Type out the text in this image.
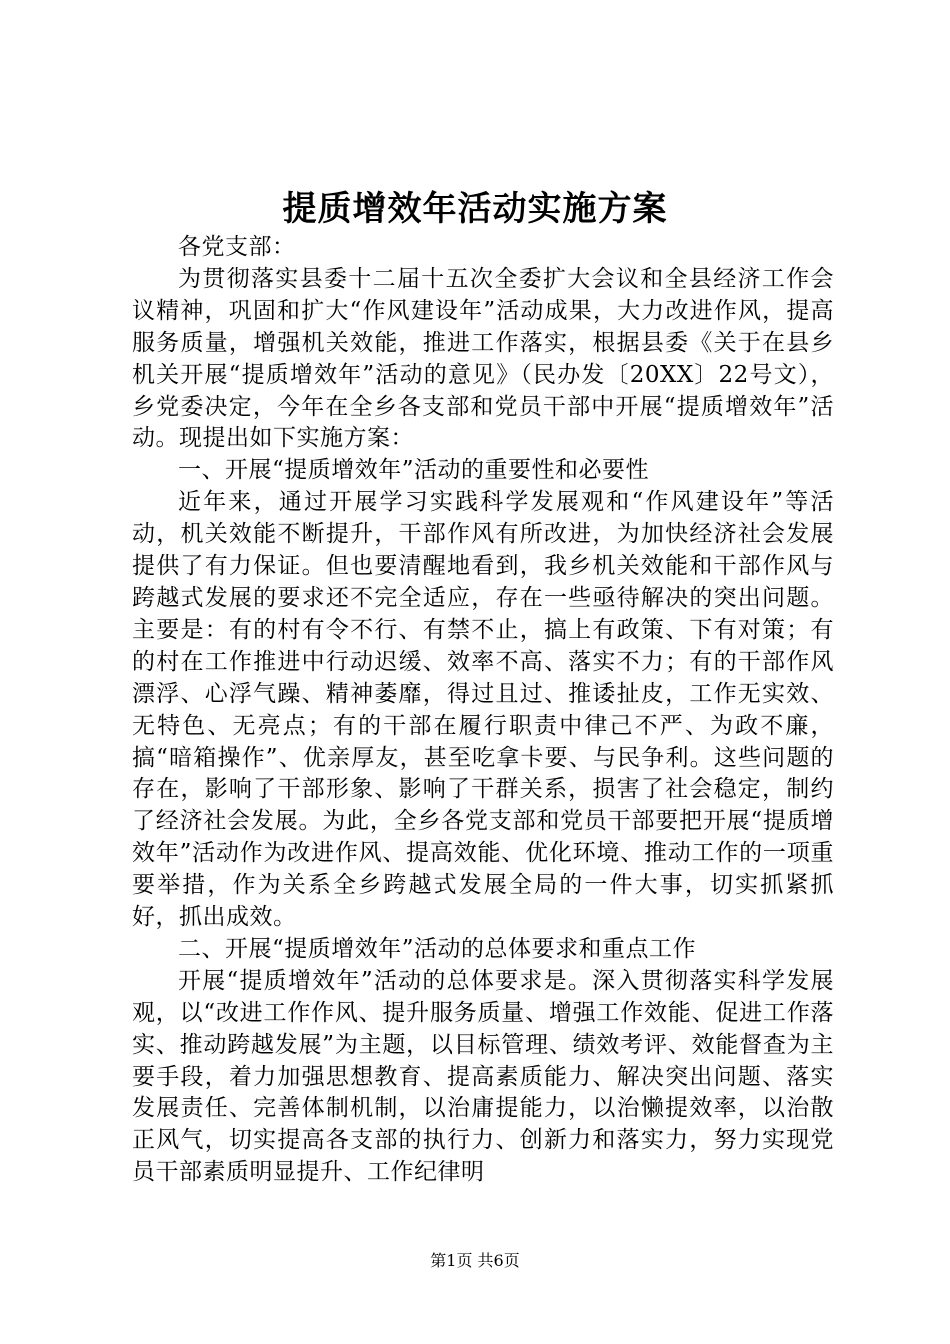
提质增效年活动实施方案

各党支部：

为贯彻落实县委十二届十五次全委扩大会议和全县经济工作会议精神，巩固和扩大“作风建设年”活动成果，大力改进作风，提高服务质量，增强机关效能，推进工作落实，根据县委《关于在县乡机关开展“提质增效年”活动的意见》（民办发〔20XX〕22号文），乡党委决定，今年在全乡各支部和党员干部中开展“提质增效年”活动。现提出如下实施方案：

一、开展“提质增效年”活动的重要性和必要性

近年来，通过开展学习实践科学发展观和“作风建设年”等活动，机关效能不断提升，干部作风有所改进，为加快经济社会发展提供了有力保证。但也要清醒地看到，我乡机关效能和干部作风与跨越式发展的要求还不完全适应，存在一些亟待解决的突出问题。主要是：有的村有令不行、有禁不止，搞上有政策、下有对策；有的村在工作推进中行动迟缓、效率不高、落实不力；有的干部作风漂浮、心浮气躁、精神萎靡，得过且过、推诿扯皮，工作无实效、无特色、无亮点；有的干部在履行职责中律己不严、为政不廉，搞“暗箱操作”、优亲厚友，甚至吃拿卡要、与民争利。这些问题的存在，影响了干部形象、影响了干群关系，损害了社会稳定，制约了经济社会发展。为此，全乡各党支部和党员干部要把开展“提质增效年”活动作为改进作风、提高效能、优化环境、推动工作的一项重要举措，作为关系全乡跨越式发展全局的一件大事，切实抓紧抓好，抓出成效。

二、开展“提质增效年”活动的总体要求和重点工作

开展“提质增效年”活动的总体要求是。深入贯彻落实科学发展观，以“改进工作作风、提升服务质量、增强工作效能、促进工作落实、推动跨越发展”为主题，以目标管理、绩效考评、效能督查为主要手段，着力加强思想教育、提高素质能力、解决突出问题、落实发展责任、完善体制机制，以治庸提能力，以治懒提效率，以治散正风气，切实提高各支部的执行力、创新力和落实力，努力实现党员干部素质明显提升、工作纪律明

第1页 共6页
